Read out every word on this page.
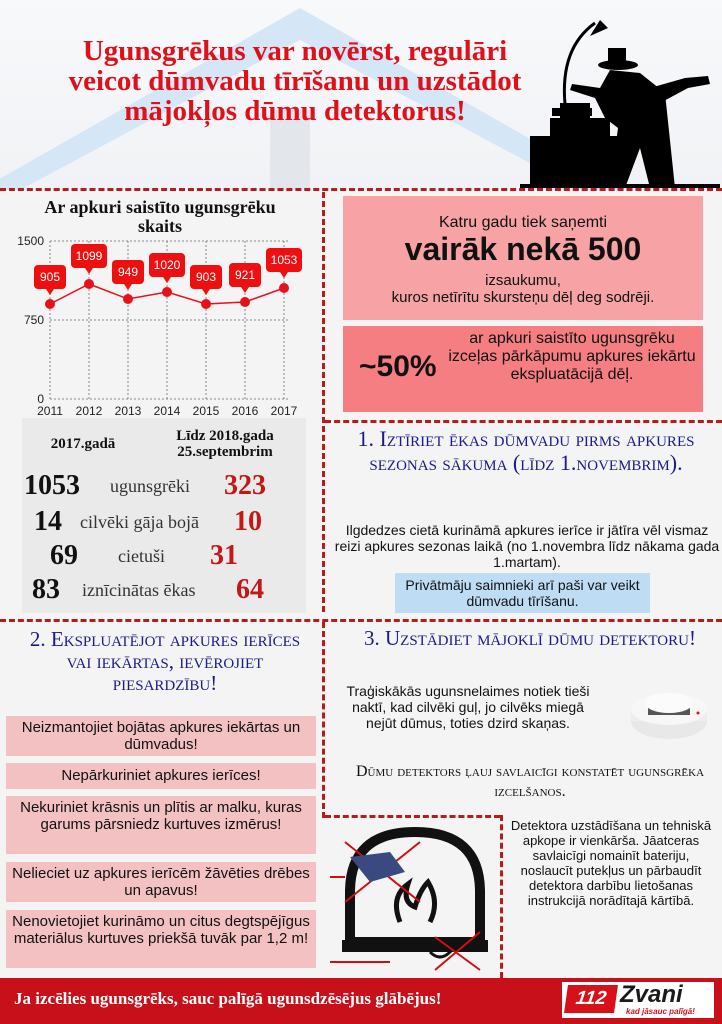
Ugunsgrēkus var novērst, regulāri veicot dūmvadu tīrīšanu un uzstādot mājokļos dūmu detektorus!
Ar apkuri saistīto ugunsgrēku skaits
1500
750
0
2011 2012 2013 2014 2015 2016 2017
905
1099
949 1020
903 921
1053
2017.gadā	Līdz 2018.gada 25.septembrim
1053 ugunsgrēki 323
14 cilvēki gāja bojā 10
69 cietuši 31
83 iznīcinātas ēkas 64
Katru gadu tiek saņemti
vairāk nekā 500
izsaukumu,
kuros netīrītu skursteņu dēļ deg sodrēji.
~50%
ar apkuri saistīto ugunsgrēku izceļas pārkāpumu apkures iekārtu ekspluatācijā dēļ.
1. Iztīriet ēkas dūmvadu pirms apkures sezonas sākuma (līdz 1.novembrim).
Ilgdedzes cietā kurināmā apkures ierīce ir jātīra vēl vismaz reizi apkures sezonas laikā (no 1.novembra līdz nākama gada 1.martam).
Privātmāju saimnieki arī paši var veikt dūmvadu tīrīšanu.
2. Ekspluatējot apkures ierīces vai iekārtas, ievērojiet piesardzību!
Neizmantojiet bojātas apkures iekārtas un dūmvadus!
Nepārkuriniet apkures ierīces!
Nekuriniet krāsnis un plītis ar malku, kuras garums pārsniedz kurtuves izmērus!
Nelieciet uz apkures ierīcēm žāvēties drēbes un apavus!
Nenovietojiet kurināmo un citus degtspējīgus materiālus kurtuves priekšā tuvāk par 1,2 m!
3. Uzstādiet mājoklī dūmu detektoru!
Traģiskākās ugunsnelaimes notiek tieši naktī, kad cilvēki guļ, jo cilvēks miegā nejūt dūmus, toties dzird skaņas.
Dūmu detektors ļauj savlaicīgi konstatēt ugunsgrēka izcelšanos.
Detektora uzstādīšana un tehniskā apkope ir vienkārša. Jāatceras savlaicīgi nomainīt bateriju, noslaucīt putekļus un pārbaudīt detektora darbību lietošanas instrukcijā norādītajā kārtībā.
Ja izcēlies ugunsgrēks, sauc palīgā ugunsdzēsējus glābējus!	112 Zvani
kad jāsauc palīgā!
